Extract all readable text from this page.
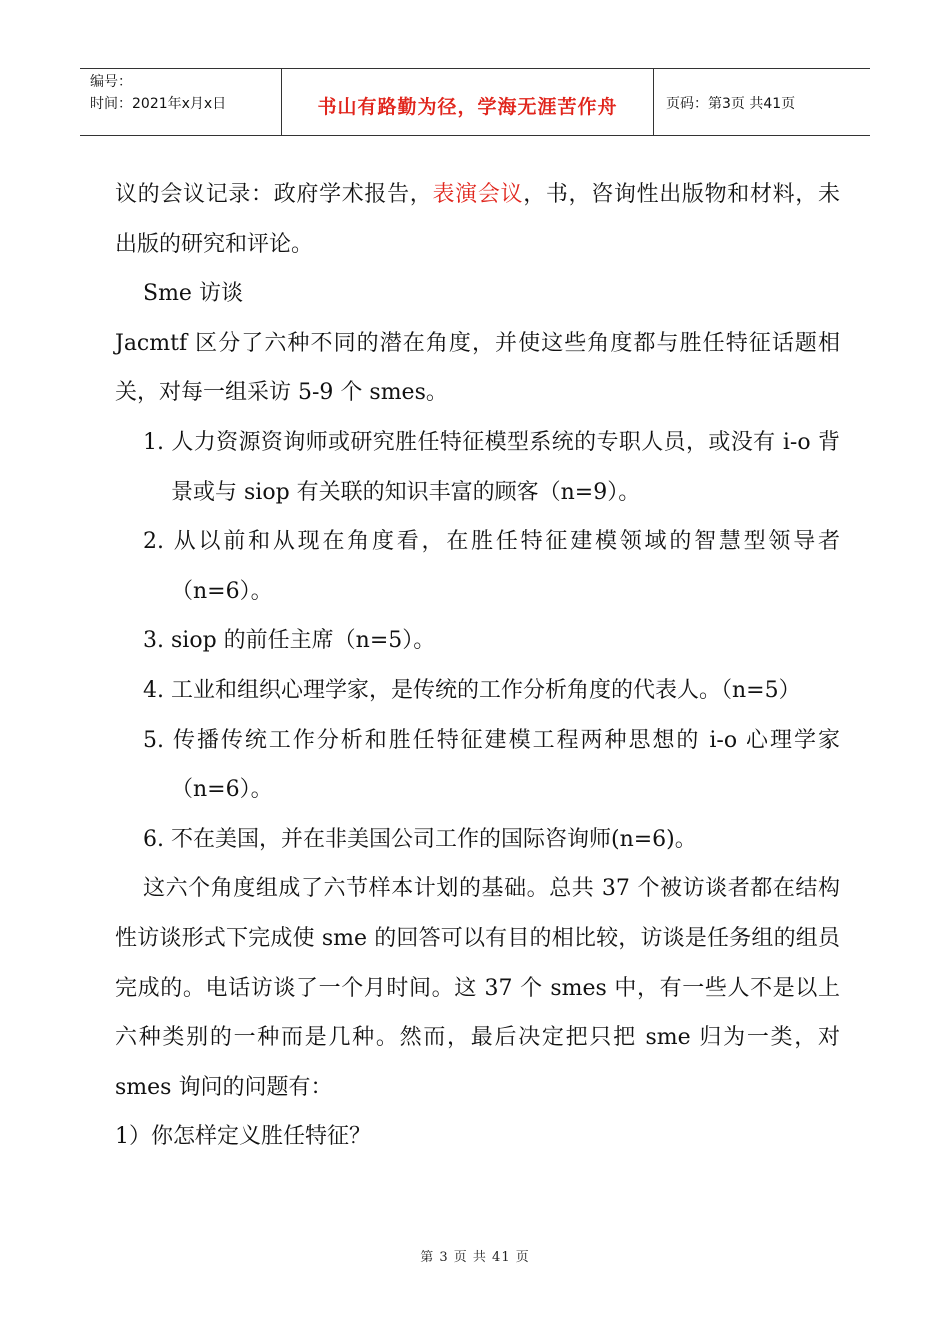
编号：
时间：2021年x月x日	书山有路勤为径，学海无涯苦作舟	页码：第3页 共41页

议的会议记录：政府学术报告，表演会议，书，咨询性出版物和材料，未出版的研究和评论。

Sme 访谈

Jacmtf 区分了六种不同的潜在角度，并使这些角度都与胜任特征话题相关，对每一组采访 5-9 个 smes。

1. 人力资源资询师或研究胜任特征模型系统的专职人员，或没有 i-o 背景或与 siop 有关联的知识丰富的顾客（n=9）。

2. 从以前和从现在角度看，在胜任特征建模领域的智慧型领导者（n=6）。

3. siop 的前任主席（n=5）。

4. 工业和组织心理学家，是传统的工作分析角度的代表人。（n=5）

5. 传播传统工作分析和胜任特征建模工程两种思想的 i-o 心理学家（n=6）。

6. 不在美国，并在非美国公司工作的国际咨询师(n=6)。

这六个角度组成了六节样本计划的基础。总共 37 个被访谈者都在结构性访谈形式下完成使 sme 的回答可以有目的相比较，访谈是任务组的组员完成的。电话访谈了一个月时间。这 37 个 smes 中，有一些人不是以上六种类别的一种而是几种。然而，最后决定把只把 sme 归为一类，对 smes 询问的问题有：

1）你怎样定义胜任特征？

第 3 页 共 41 页
